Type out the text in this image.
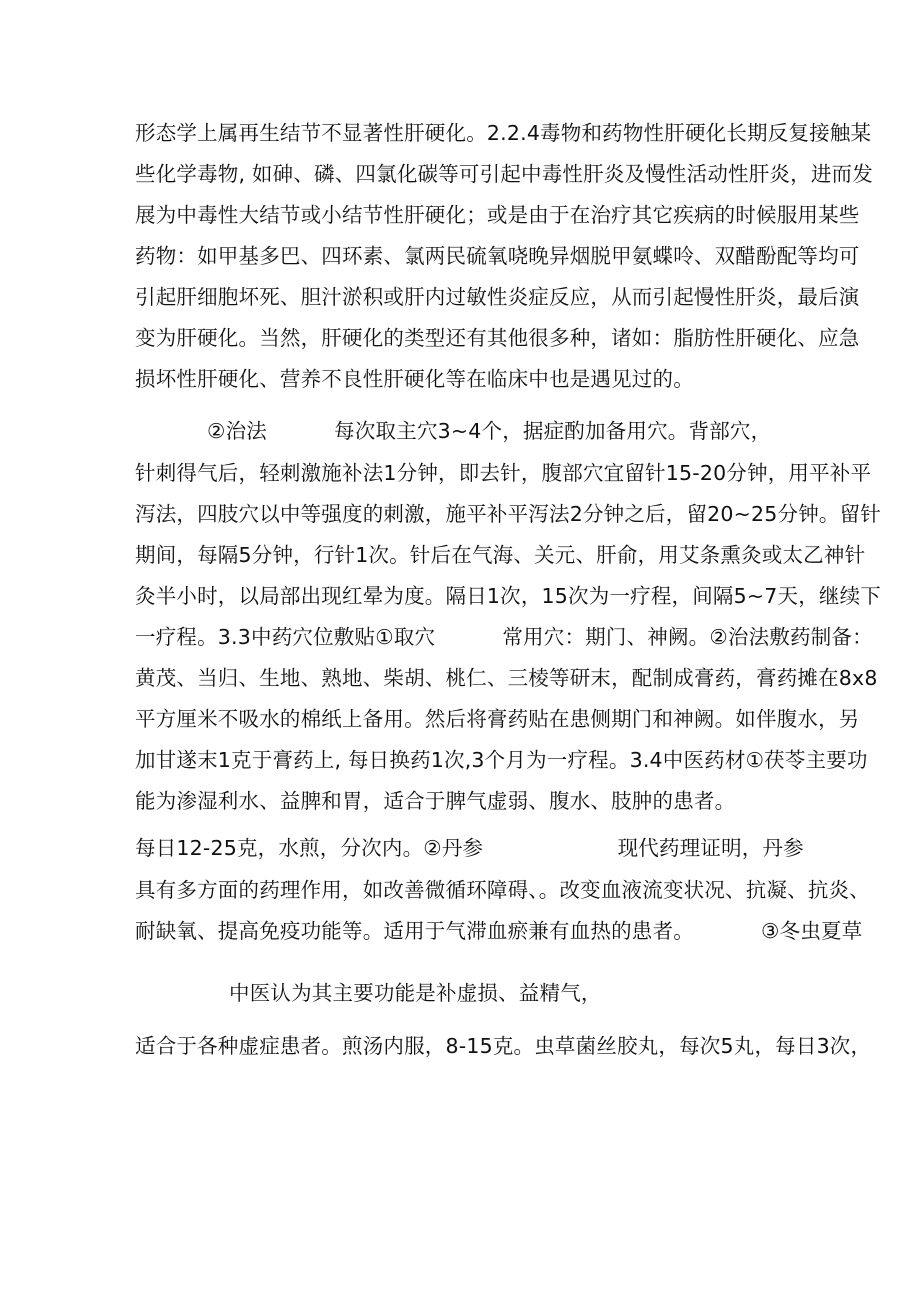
形态学上属再生结节不显著性肝硬化。2.2.4毒物和药物性肝硬化长期反复接触某
些化学毒物, 如砷、磷、四氯化碳等可引起中毒性肝炎及慢性活动性肝炎，进而发
展为中毒性大结节或小结节性肝硬化；或是由于在治疗其它疾病的时候服用某些
药物：如甲基多巴、四环素、氯两民硫氧哓晚异烟脱甲氨蝶呤、双醋酚配等均可
引起肝细胞坏死、胆汁淤积或肝内过敏性炎症反应，从而引起慢性肝炎，最后演
变为肝硬化。当然，肝硬化的类型还有其他很多种，诸如：脂肪性肝硬化、应急
损坏性肝硬化、营养不良性肝硬化等在临床中也是遇见过的。
②治法          每次取主穴3~4个，据症酌加备用穴。背部穴，
针刺得气后，轻刺激施补法1分钟，即去针，腹部穴宜留针15-20分钟，用平补平
泻法，四肢穴以中等强度的刺激，施平补平泻法2分钟之后，留20~25分钟。留针
期间，每隔5分钟，行针1次。针后在气海、关元、肝俞，用艾条熏灸或太乙神针
灸半小时，以局部出现红晕为度。隔日1次，15次为一疗程，间隔5~7天，继续下
一疗程。3.3中药穴位敷贴①取穴          常用穴：期门、神阙。②治法敷药制备：
黄茂、当归、生地、熟地、柴胡、桃仁、三棱等研末，配制成膏药，膏药摊在8x8
平方厘米不吸水的棉纸上备用。然后将膏药贴在患侧期门和神阙。如伴腹水，另
加甘遂末1克于膏药上, 每日换药1次,3个月为一疗程。3.4中医药材①茯苓主要功
能为渗湿利水、益脾和胃，适合于脾气虚弱、腹水、肢肿的患者。
每日12-25克，水煎，分次内。②丹参                    现代药理证明，丹参
具有多方面的药理作用，如改善微循环障碍、。改变血液流变状况、抗凝、抗炎、
耐缺氧、提高免疫功能等。适用于气滞血瘀兼有血热的患者。          ③冬虫夏草
中医认为其主要功能是补虚损、益精气，
适合于各种虚症患者。煎汤内服，8-15克。虫草菌丝胶丸，每次5丸，每日3次，
